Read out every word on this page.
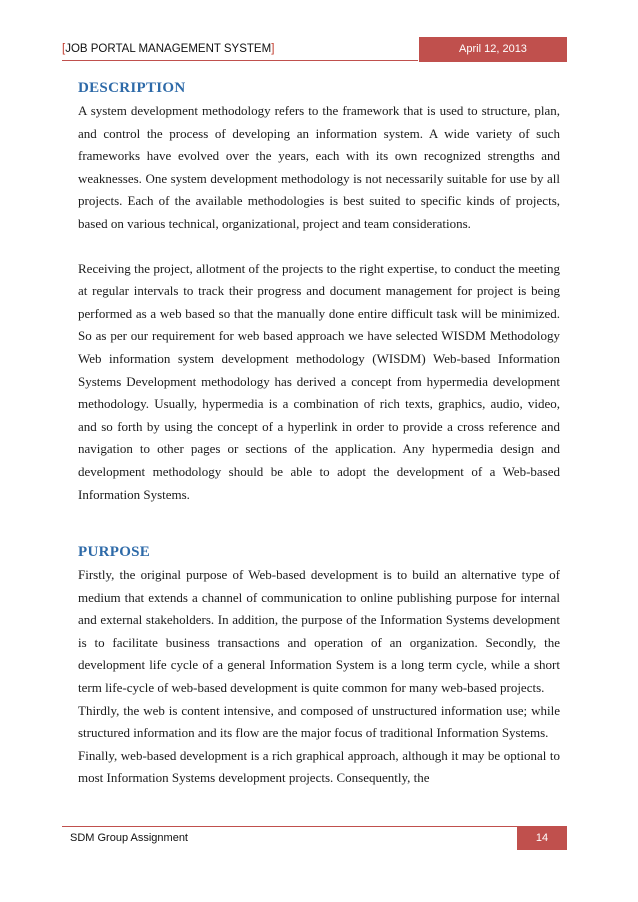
[JOB PORTAL MANAGEMENT SYSTEM]	April 12, 2013
DESCRIPTION

A system development methodology refers to the framework that is used to structure, plan, and control the process of developing an information system. A wide variety of such frameworks have evolved over the years, each with its own recognized strengths and weaknesses. One system development methodology is not necessarily suitable for use by all projects. Each of the available methodologies is best suited to specific kinds of projects, based on various technical, organizational, project and team considerations.

Receiving the project, allotment of the projects to the right expertise, to conduct the meeting at regular intervals to track their progress and document management for project is being performed as a web based so that the manually done entire difficult task will be minimized. So as per our requirement for web based approach we have selected WISDM Methodology Web information system development methodology (WISDM) Web-based Information Systems Development methodology has derived a concept from hypermedia development methodology. Usually, hypermedia is a combination of rich texts, graphics, audio, video, and so forth by using the concept of a hyperlink in order to provide a cross reference and navigation to other pages or sections of the application. Any hypermedia design and development methodology should be able to adopt the development of a Web-based Information Systems.

PURPOSE

Firstly, the original purpose of Web-based development is to build an alternative type of medium that extends a channel of communication to online publishing purpose for internal and external stakeholders. In addition, the purpose of the Information Systems development is to facilitate business transactions and operation of an organization. Secondly, the development life cycle of a general Information System is a long term cycle, while a short term life-cycle of web-based development is quite common for many web-based projects.

Thirdly, the web is content intensive, and composed of unstructured information use; while structured information and its flow are the major focus of traditional Information Systems.

Finally, web-based development is a rich graphical approach, although it may be optional to most Information Systems development projects. Consequently, the

SDM Group Assignment	14
